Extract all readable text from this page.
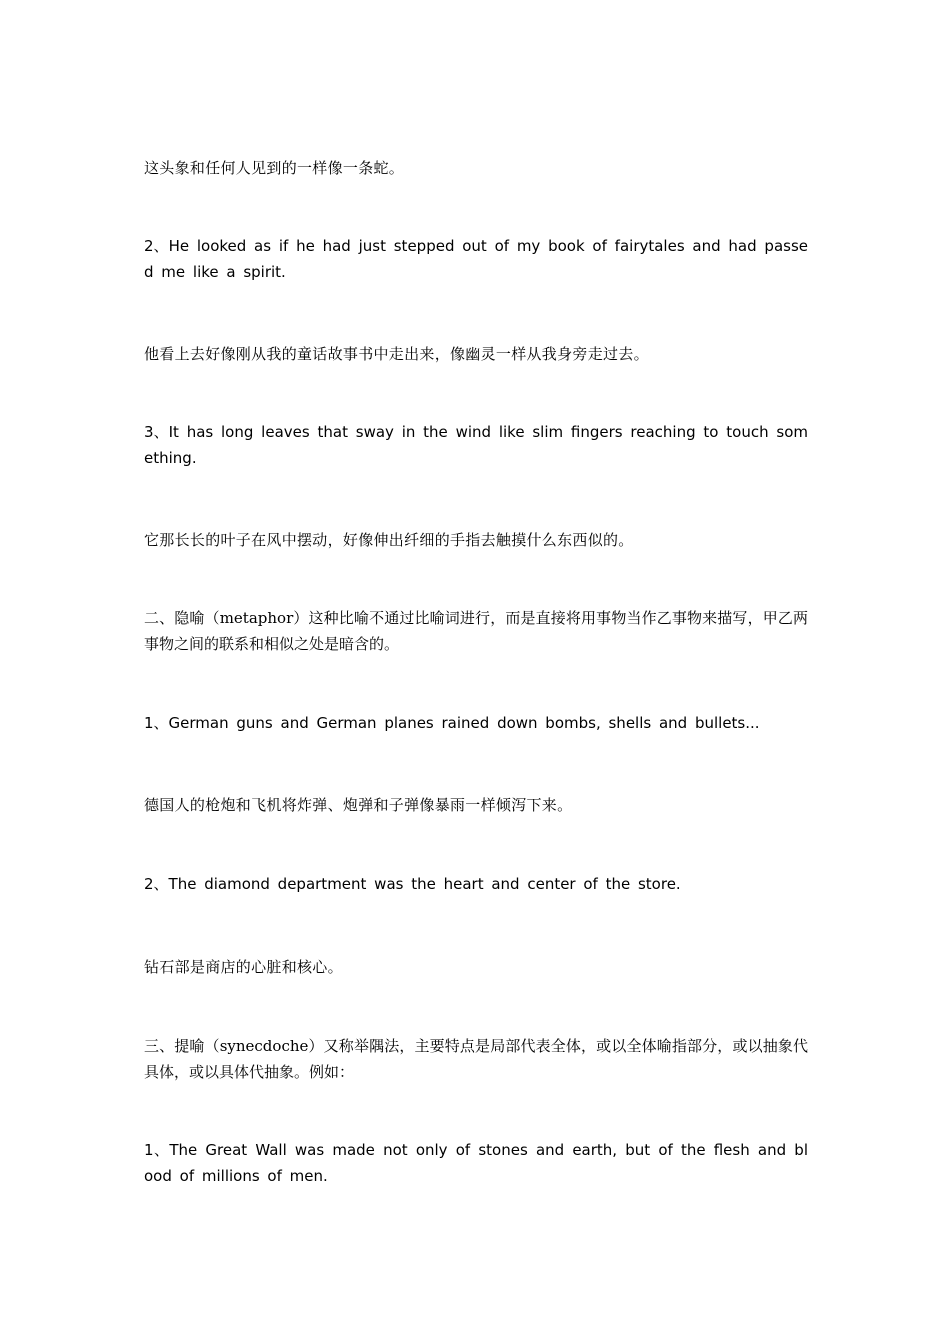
这头象和任何人见到的一样像一条蛇。

2、He looked as if he had just stepped out of my book of fairytales and had passed me like a spirit.

他看上去好像刚从我的童话故事书中走出来，像幽灵一样从我身旁走过去。

3、It has long leaves that sway in the wind like slim fingers reaching to touch something.

它那长长的叶子在风中摆动，好像伸出纤细的手指去触摸什么东西似的。

二、隐喻（metaphor）这种比喻不通过比喻词进行，而是直接将用事物当作乙事物来描写，甲乙两事物之间的联系和相似之处是暗含的。

1、German guns and German planes rained down bombs, shells and bullets...

德国人的枪炮和飞机将炸弹、炮弹和子弹像暴雨一样倾泻下来。

2、The diamond department was the heart and center of the store.

钻石部是商店的心脏和核心。

三、提喻（synecdoche）又称举隅法，主要特点是局部代表全体，或以全体喻指部分，或以抽象代具体，或以具体代抽象。例如：

1、The Great Wall was made not only of stones and earth, but of the flesh and blood of millions of men.
